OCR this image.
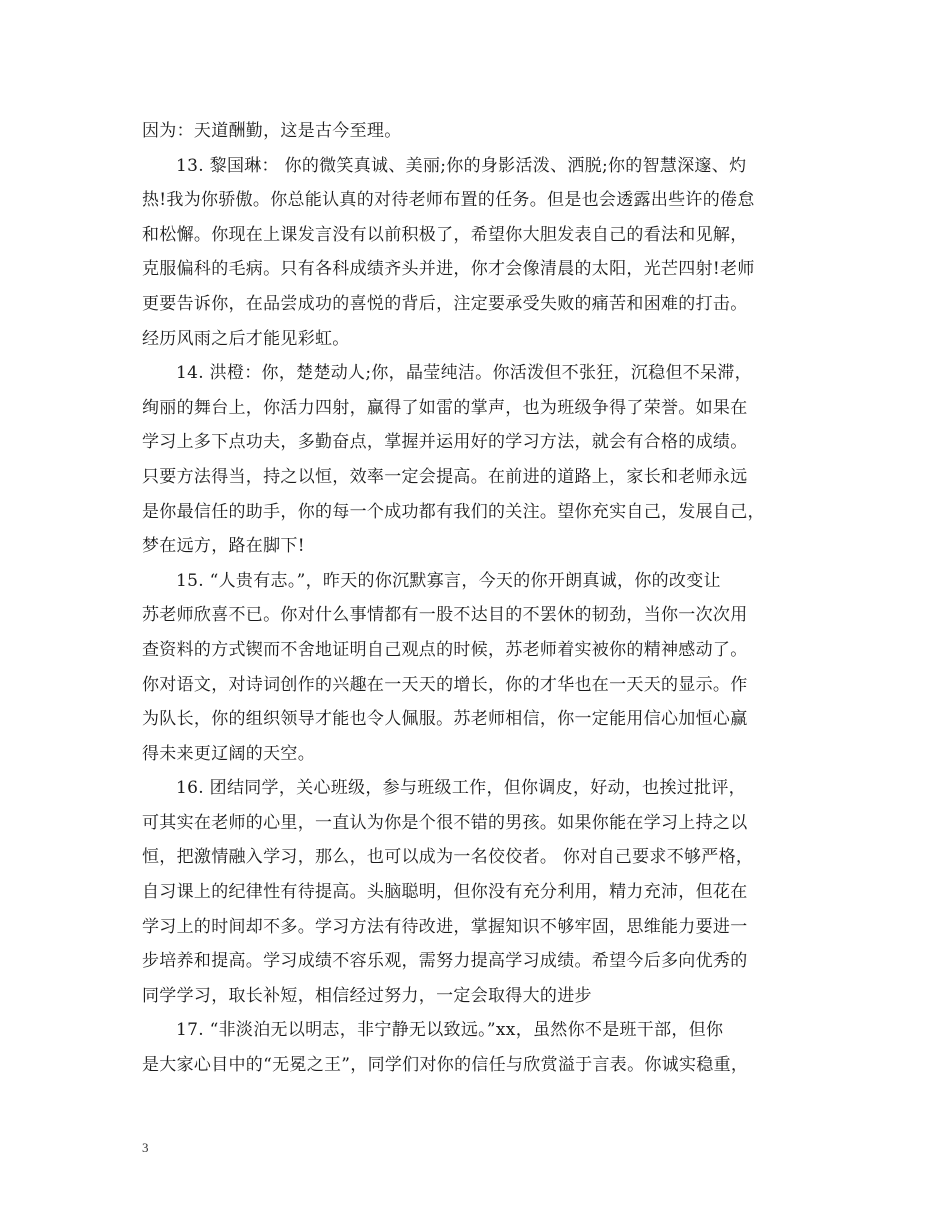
因为：天道酬勤，这是古今至理。
13. 黎国琳： 你的微笑真诚、美丽;你的身影活泼、洒脱;你的智慧深邃、灼
热!我为你骄傲。你总能认真的对待老师布置的任务。但是也会透露出些许的倦怠
和松懈。你现在上课发言没有以前积极了，希望你大胆发表自己的看法和见解，
克服偏科的毛病。只有各科成绩齐头并进，你才会像清晨的太阳，光芒四射!老师
更要告诉你，在品尝成功的喜悦的背后，注定要承受失败的痛苦和困难的打击。
经历风雨之后才能见彩虹。
14. 洪橙：你，楚楚动人;你，晶莹纯洁。你活泼但不张狂，沉稳但不呆滞，
绚丽的舞台上，你活力四射，赢得了如雷的掌声，也为班级争得了荣誉。如果在
学习上多下点功夫，多勤奋点，掌握并运用好的学习方法，就会有合格的成绩。
只要方法得当，持之以恒，效率一定会提高。在前进的道路上，家长和老师永远
是你最信任的助手，你的每一个成功都有我们的关注。望你充实自己，发展自己，
梦在远方，路在脚下!
15. “人贵有志。”，昨天的你沉默寡言，今天的你开朗真诚，你的改变让
苏老师欣喜不已。你对什么事情都有一股不达目的不罢休的韧劲，当你一次次用
查资料的方式锲而不舍地证明自己观点的时候，苏老师着实被你的精神感动了。
你对语文，对诗词创作的兴趣在一天天的增长，你的才华也在一天天的显示。作
为队长，你的组织领导才能也令人佩服。苏老师相信，你一定能用信心加恒心赢
得未来更辽阔的天空。
16. 团结同学，关心班级，参与班级工作，但你调皮，好动，也挨过批评，
可其实在老师的心里，一直认为你是个很不错的男孩。如果你能在学习上持之以
恒，把激情融入学习，那么，也可以成为一名佼佼者。 你对自己要求不够严格，
自习课上的纪律性有待提高。头脑聪明，但你没有充分利用，精力充沛，但花在
学习上的时间却不多。学习方法有待改进，掌握知识不够牢固，思维能力要进一
步培养和提高。学习成绩不容乐观，需努力提高学习成绩。希望今后多向优秀的
同学学习，取长补短，相信经过努力，一定会取得大的进步
17. “非淡泊无以明志，非宁静无以致远。”xx，虽然你不是班干部，但你
是大家心目中的“无冕之王”，同学们对你的信任与欣赏溢于言表。你诚实稳重，
3
